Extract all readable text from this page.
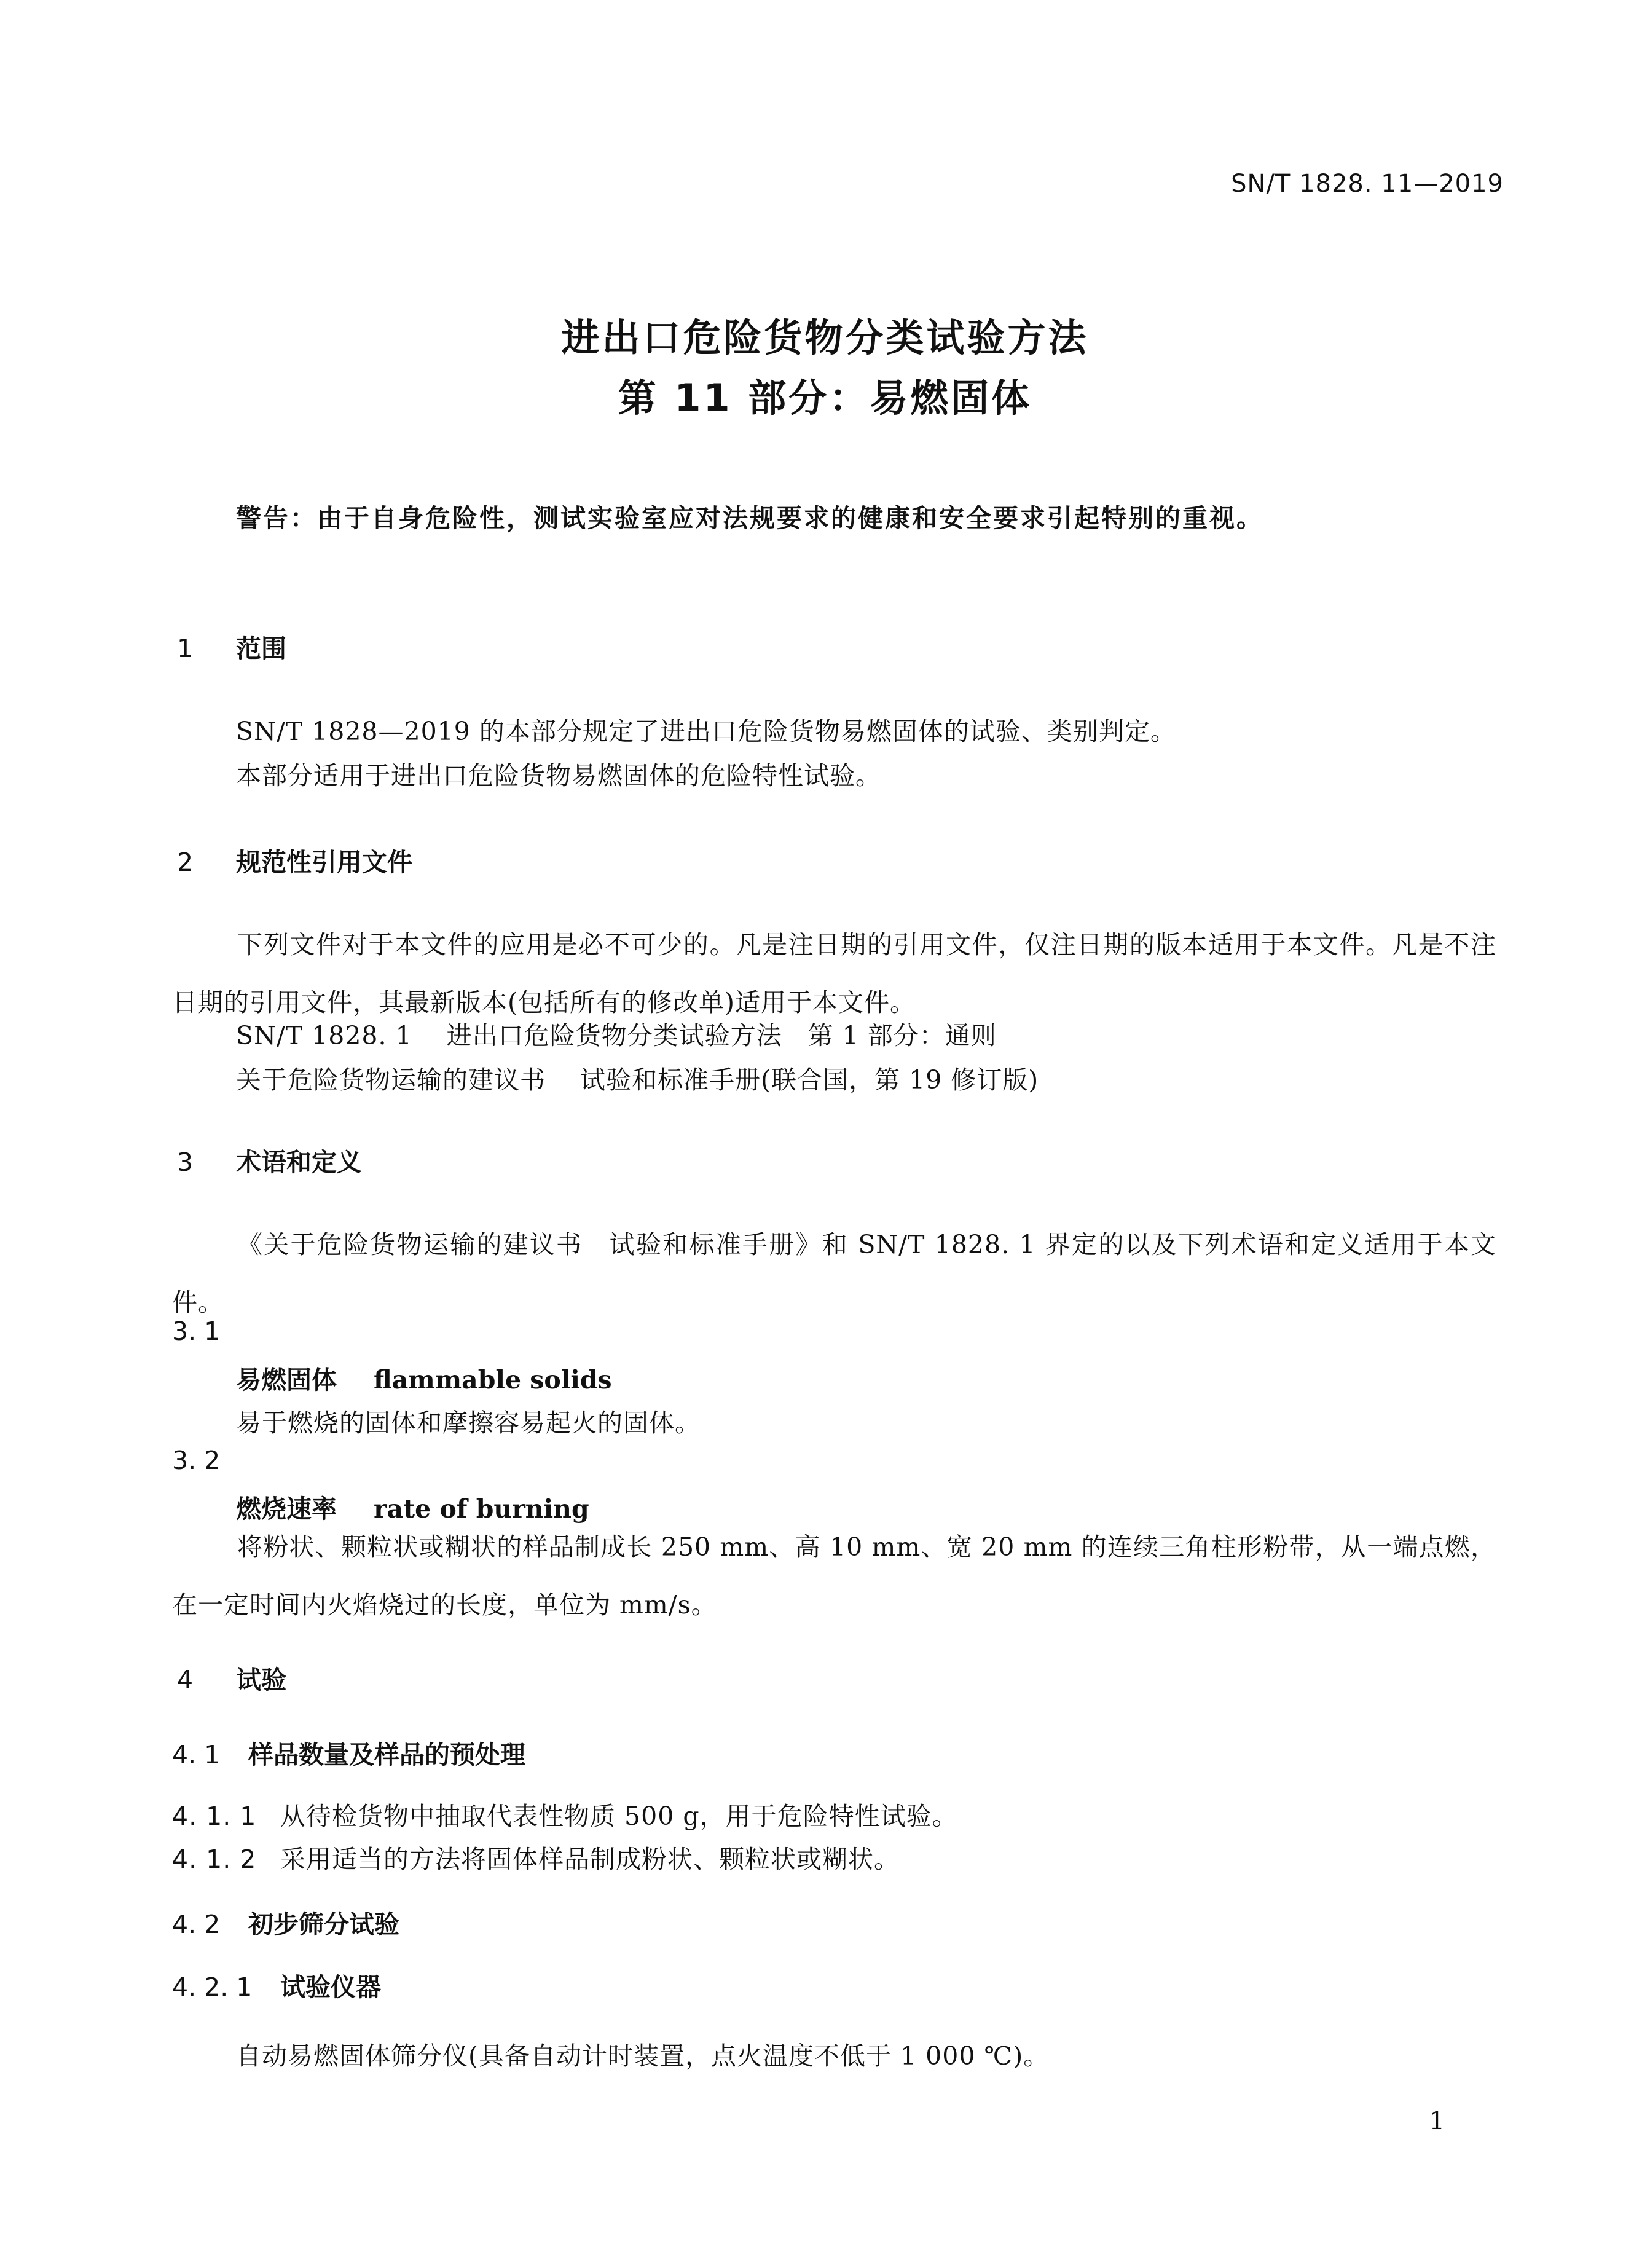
SN/T 1828. 11—2019
进出口危险货物分类试验方法
第 11 部分：易燃固体
警告：由于自身危险性，测试实验室应对法规要求的健康和安全要求引起特别的重视。
1 范围
SN/T 1828—2019 的本部分规定了进出口危险货物易燃固体的试验、类别判定。
本部分适用于进出口危险货物易燃固体的危险特性试验。
2 规范性引用文件
下列文件对于本文件的应用是必不可少的。凡是注日期的引用文件，仅注日期的版本适用于本文件。凡是不注日期的引用文件，其最新版本(包括所有的修改单)适用于本文件。
SN/T 1828. 1 进出口危险货物分类试验方法　第 1 部分：通则
关于危险货物运输的建议书 试验和标准手册(联合国，第 19 修订版)
3 术语和定义
《关于危险货物运输的建议书　试验和标准手册》和 SN/T 1828. 1 界定的以及下列术语和定义适用于本文件。
3. 1
易燃固体 flammable solids
易于燃烧的固体和摩擦容易起火的固体。
3. 2
燃烧速率 rate of burning
将粉状、颗粒状或糊状的样品制成长 250 mm、高 10 mm、宽 20 mm 的连续三角柱形粉带，从一端点燃，在一定时间内火焰烧过的长度，单位为 mm/s。
4 试验
4. 1 样品数量及样品的预处理
4. 1. 1 从待检货物中抽取代表性物质 500 g，用于危险特性试验。
4. 1. 2 采用适当的方法将固体样品制成粉状、颗粒状或糊状。
4. 2 初步筛分试验
4. 2. 1 试验仪器
自动易燃固体筛分仪(具备自动计时装置，点火温度不低于 1 000 ℃)。
1
